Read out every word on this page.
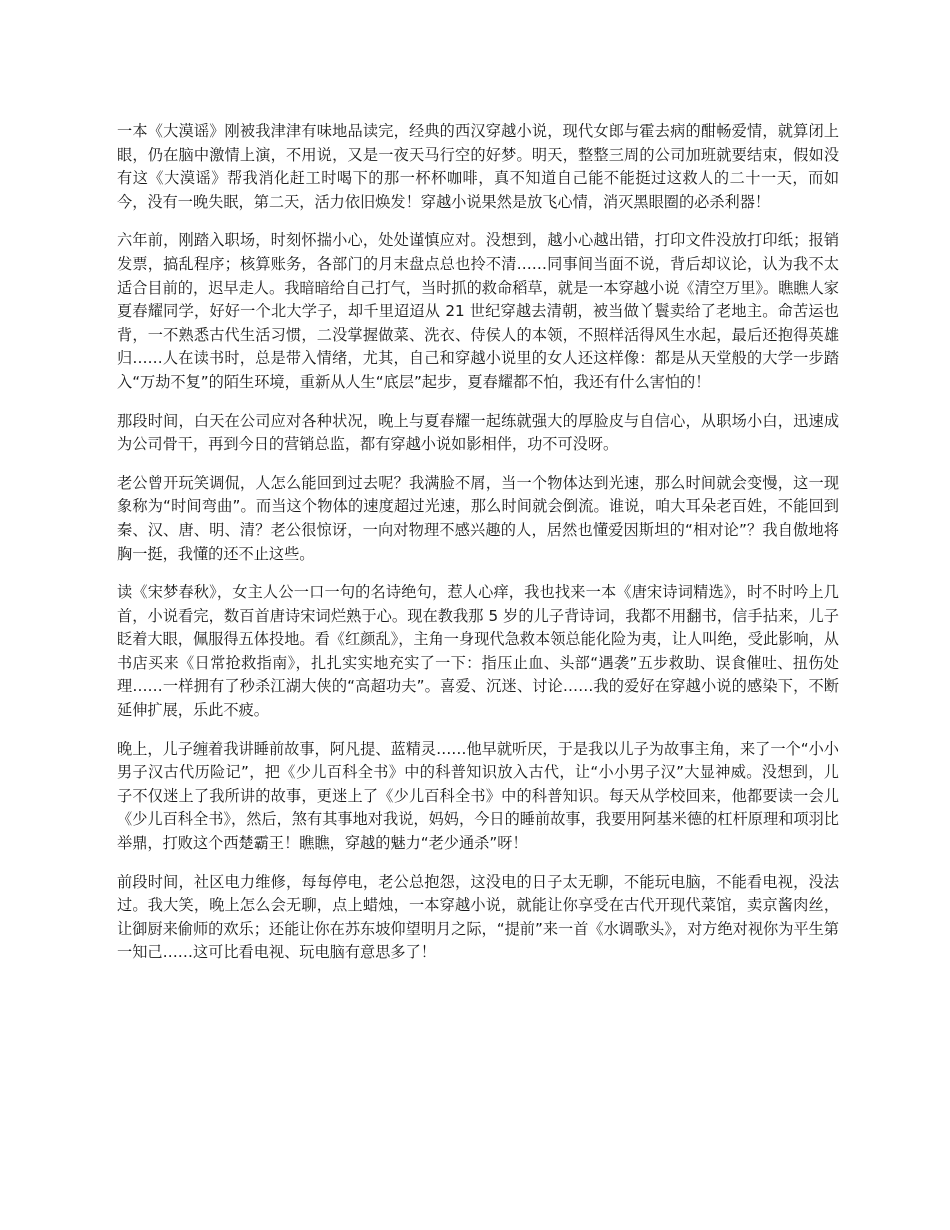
一本《大漠谣》刚被我津津有味地品读完，经典的西汉穿越小说，现代女郎与霍去病的酣畅爱情，就算闭上眼，仍在脑中激情上演，不用说，又是一夜天马行空的好梦。明天，整整三周的公司加班就要结束，假如没有这《大漠谣》帮我消化赶工时喝下的那一杯杯咖啡，真不知道自己能不能挺过这救人的二十一天，而如今，没有一晚失眠，第二天，活力依旧焕发！穿越小说果然是放飞心情，消灭黑眼圈的必杀利器！

六年前，刚踏入职场，时刻怀揣小心，处处谨慎应对。没想到，越小心越出错，打印文件没放打印纸；报销发票，搞乱程序；核算账务，各部门的月末盘点总也拎不清……同事间当面不说，背后却议论，认为我不太适合目前的，迟早走人。我暗暗给自己打气，当时抓的救命稻草，就是一本穿越小说《清空万里》。瞧瞧人家夏春耀同学，好好一个北大学子，却千里迢迢从 21 世纪穿越去清朝，被当做丫鬟卖给了老地主。命苦运也背，一不熟悉古代生活习惯，二没掌握做菜、洗衣、侍侯人的本领，不照样活得风生水起，最后还抱得英雄归……人在读书时，总是带入情绪，尤其，自己和穿越小说里的女人还这样像：都是从天堂般的大学一步踏入“万劫不复”的陌生环境，重新从人生“底层”起步，夏春耀都不怕，我还有什么害怕的！

那段时间，白天在公司应对各种状况，晚上与夏春耀一起练就强大的厚脸皮与自信心，从职场小白，迅速成为公司骨干，再到今日的营销总监，都有穿越小说如影相伴，功不可没呀。

老公曾开玩笑调侃，人怎么能回到过去呢？我满脸不屑，当一个物体达到光速，那么时间就会变慢，这一现象称为“时间弯曲”。而当这个物体的速度超过光速，那么时间就会倒流。谁说，咱大耳朵老百姓，不能回到秦、汉、唐、明、清？老公很惊讶，一向对物理不感兴趣的人，居然也懂爱因斯坦的“相对论”？我自傲地将胸一挺，我懂的还不止这些。

读《宋梦春秋》，女主人公一口一句的名诗绝句，惹人心痒，我也找来一本《唐宋诗词精选》，时不时吟上几首，小说看完，数百首唐诗宋词烂熟于心。现在教我那 5 岁的儿子背诗词，我都不用翻书，信手拈来，儿子眨着大眼，佩服得五体投地。看《红颜乱》，主角一身现代急救本领总能化险为夷，让人叫绝，受此影响，从书店买来《日常抢救指南》，扎扎实实地充实了一下：指压止血、头部“遇袭”五步救助、误食催吐、扭伤处理……一样拥有了秒杀江湖大侠的“高超功夫”。喜爱、沉迷、讨论……我的爱好在穿越小说的感染下，不断延伸扩展，乐此不疲。

晚上，儿子缠着我讲睡前故事，阿凡提、蓝精灵……他早就听厌，于是我以儿子为故事主角，来了一个“小小男子汉古代历险记”，把《少儿百科全书》中的科普知识放入古代，让“小小男子汉”大显神威。没想到，儿子不仅迷上了我所讲的故事，更迷上了《少儿百科全书》中的科普知识。每天从学校回来，他都要读一会儿《少儿百科全书》，然后，煞有其事地对我说，妈妈，今日的睡前故事，我要用阿基米德的杠杆原理和项羽比举鼎，打败这个西楚霸王！瞧瞧，穿越的魅力“老少通杀”呀！

前段时间，社区电力维修，每每停电，老公总抱怨，这没电的日子太无聊，不能玩电脑，不能看电视，没法过。我大笑，晚上怎么会无聊，点上蜡烛，一本穿越小说，就能让你享受在古代开现代菜馆，卖京酱肉丝，让御厨来偷师的欢乐；还能让你在苏东坡仰望明月之际，“提前”来一首《水调歌头》，对方绝对视你为平生第一知己……这可比看电视、玩电脑有意思多了！
